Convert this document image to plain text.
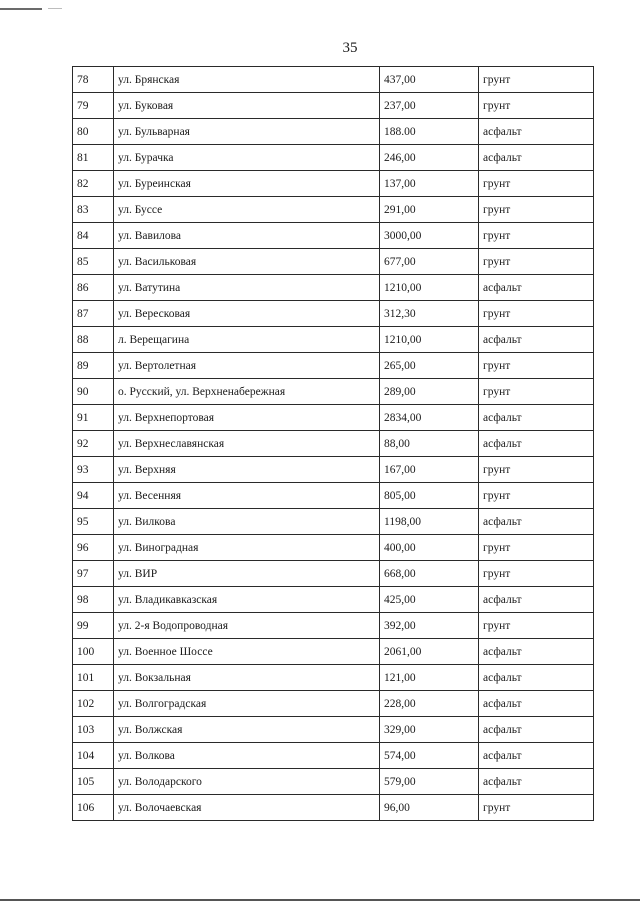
35
78	ул. Брянская	437,00	грунт
79	ул. Буковая	237,00	грунт
80	ул. Бульварная	188.00	асфальт
81	ул. Бурачка	246,00	асфальт
82	ул. Буреинская	137,00	грунт
83	ул. Буссе	291,00	грунт
84	ул. Вавилова	3000,00	грунт
85	ул. Васильковая	677,00	грунт
86	ул. Ватутина	1210,00	асфальт
87	ул. Вересковая	312,30	грунт
88	л. Верещагина	1210,00	асфальт
89	ул. Вертолетная	265,00	грунт
90	о. Русский, ул. Верхненабережная	289,00	грунт
91	ул. Верхнепортовая	2834,00	асфальт
92	ул. Верхнеславянская	88,00	асфальт
93	ул. Верхняя	167,00	грунт
94	ул. Весенняя	805,00	грунт
95	ул. Вилкова	1198,00	асфальт
96	ул. Виноградная	400,00	грунт
97	ул. ВИР	668,00	грунт
98	ул. Владикавказская	425,00	асфальт
99	ул. 2-я Водопроводная	392,00	грунт
100	ул. Военное Шоссе	2061,00	асфальт
101	ул. Вокзальная	121,00	асфальт
102	ул. Волгоградская	228,00	асфальт
103	ул. Волжская	329,00	асфальт
104	ул. Волкова	574,00	асфальт
105	ул. Володарского	579,00	асфальт
106	ул. Волочаевская	96,00	грунт
